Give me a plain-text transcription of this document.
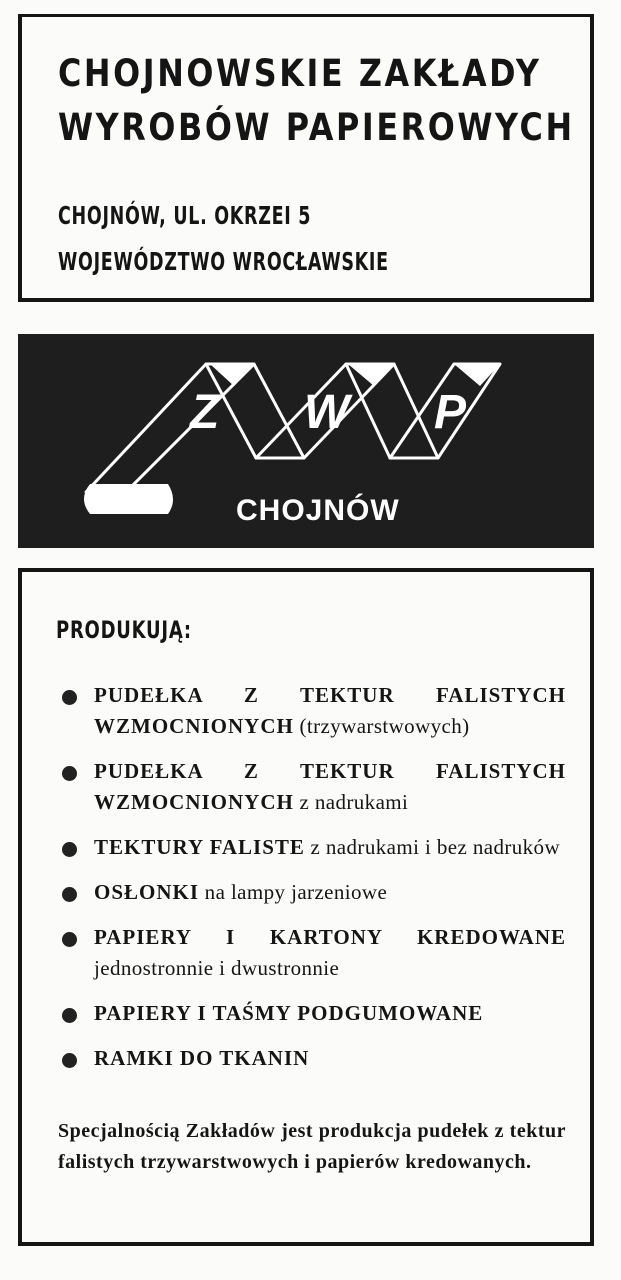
CHOJNOWSKIE ZAKŁADY
WYROBÓW PAPIEROWYCH
CHOJNÓW, UL. OKRZEI 5
WOJEWÓDZTWO WROCŁAWSKIE
Z W P
CHOJNÓW
PRODUKUJĄ:
PUDEŁKA Z TEKTUR FALISTYCH WZMOCNIONYCH (trzywarstwowych)
PUDEŁKA Z TEKTUR FALISTYCH WZMOCNIONYCH z nadrukami
TEKTURY FALISTE z nadrukami i bez nadruków
OSŁONKI na lampy jarzeniowe
PAPIERY I KARTONY KREDOWANE jednostronnie i dwustronnie
PAPIERY I TAŚMY PODGUMOWANE
RAMKI DO TKANIN
Specjalnością Zakładów jest produkcja pudełek z tektur falistych trzywarstwowych i papierów kredowanych.
